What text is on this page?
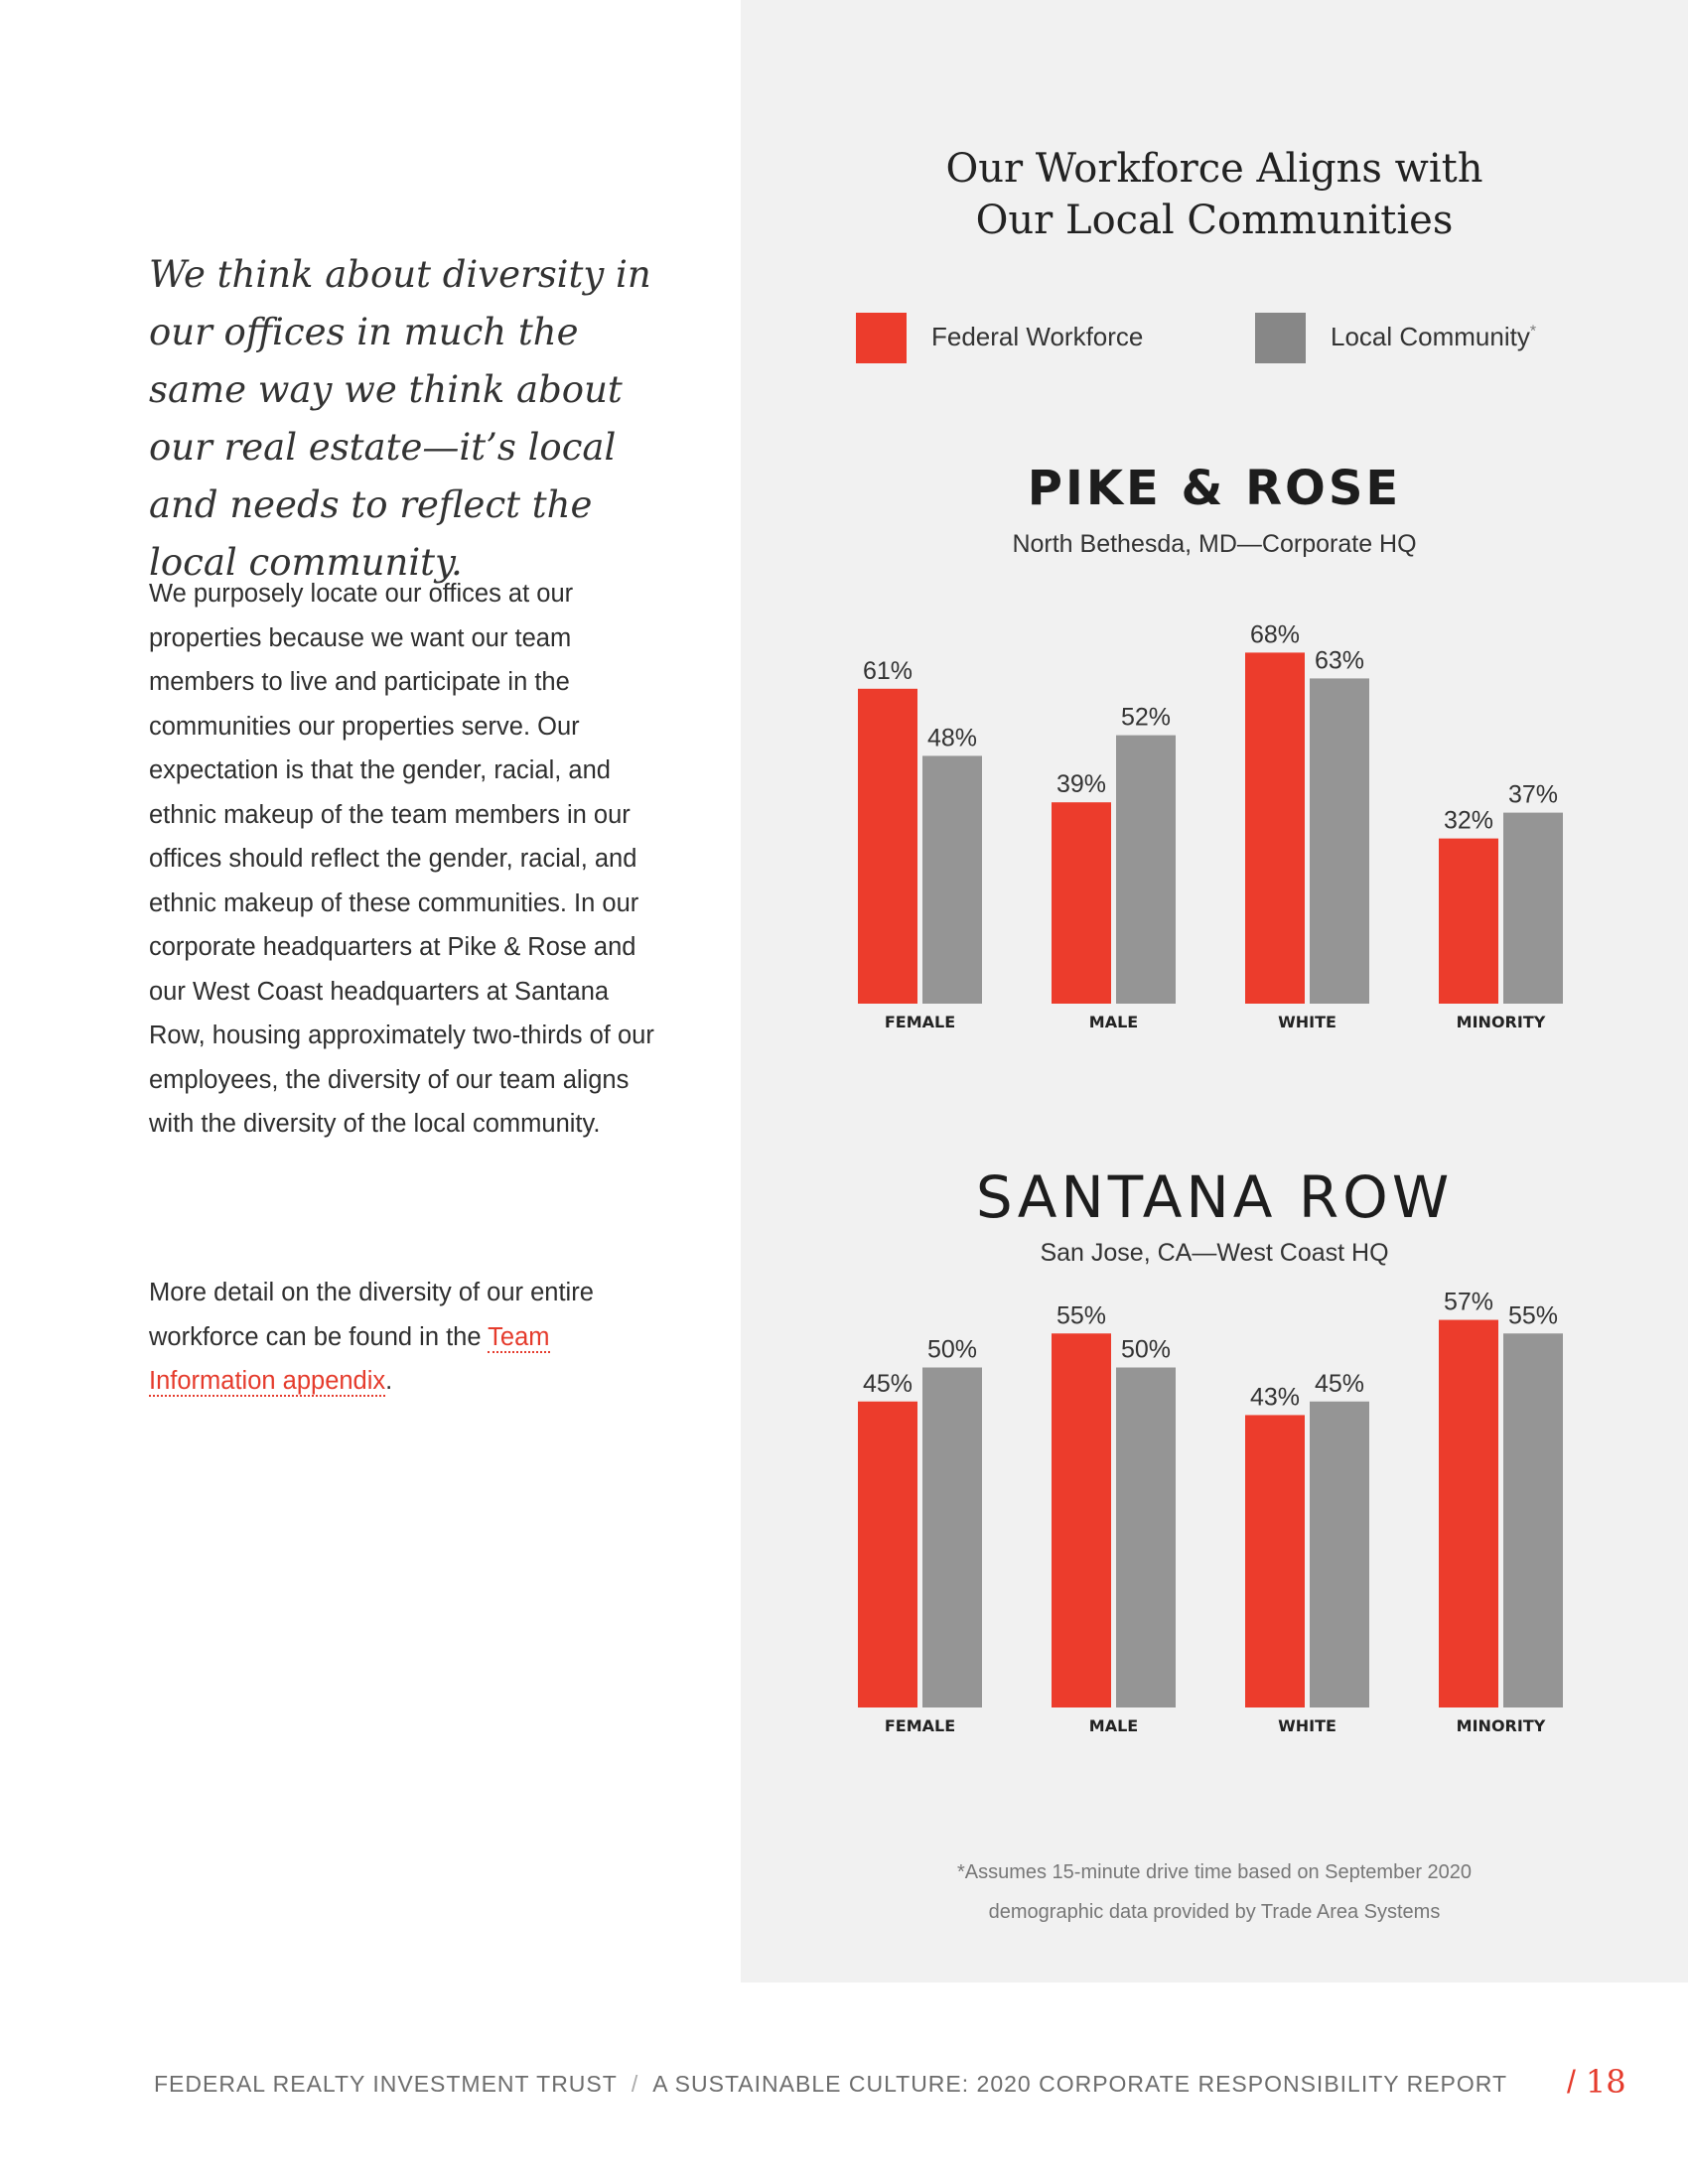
We think about diversity in our offices in much the same way we think about our real estate—it’s local and needs to reflect the local community.

We purposely locate our offices at our properties because we want our team members to live and participate in the communities our properties serve. Our expectation is that the gender, racial, and ethnic makeup of the team members in our offices should reflect the gender, racial, and ethnic makeup of these communities. In our corporate headquarters at Pike & Rose and our West Coast headquarters at Santana Row, housing approximately two-thirds of our employees, the diversity of our team aligns with the diversity of the local community.

More detail on the diversity of our entire workforce can be found in the Team Information appendix.

Our Workforce Aligns with
Our Local Communities
Federal Workforce	Local Community*
PIKE & ROSE

North Bethesda, MD—Corporate HQ

61%
48%
FEMALE
39%
52%
MALE
68%
63%
WHITE
32%
37%
MINORITY
SANTANA ROW

San Jose, CA—West Coast HQ

45%
50%
FEMALE
55%
50%
MALE
43% 45%
WHITE
57% 55%
MINORITY

*Assumes 15-minute drive time based on September 2020
demographic data provided by Trade Area Systems

FEDERAL REALTY INVESTMENT TRUST / A SUSTAINABLE CULTURE: 2020 CORPORATE RESPONSIBILITY REPORT / 18
